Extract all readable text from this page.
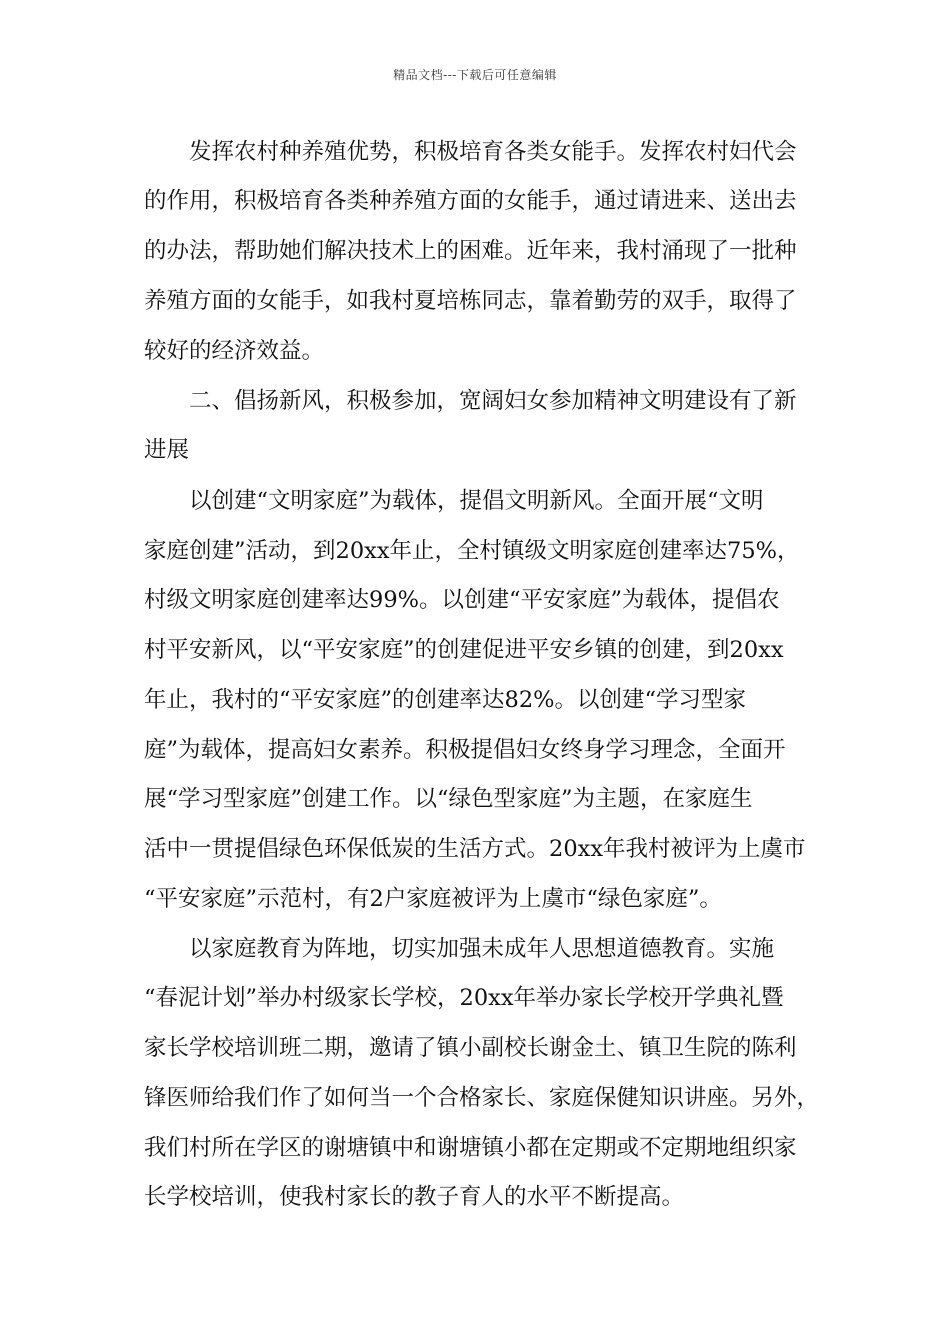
精品文档---下载后可任意编辑
　　发挥农村种养殖优势，积极培育各类女能手。发挥农村妇代会
的作用，积极培育各类种养殖方面的女能手，通过请进来、送出去
的办法，帮助她们解决技术上的困难。近年来，我村涌现了一批种
养殖方面的女能手，如我村夏培栋同志，靠着勤劳的双手，取得了
较好的经济效益。
　　二、倡扬新风，积极参加，宽阔妇女参加精神文明建设有了新
进展
　　以创建“文明家庭”为载体，提倡文明新风。全面开展“文明
家庭创建”活动，到20xx年止，全村镇级文明家庭创建率达75%，
村级文明家庭创建率达99%。以创建“平安家庭”为载体，提倡农
村平安新风，以“平安家庭”的创建促进平安乡镇的创建，到20xx
年止，我村的“平安家庭”的创建率达82%。以创建“学习型家
庭”为载体，提高妇女素养。积极提倡妇女终身学习理念，全面开
展“学习型家庭”创建工作。以“绿色型家庭”为主题，在家庭生
活中一贯提倡绿色环保低炭的生活方式。20xx年我村被评为上虞市
“平安家庭”示范村，有2户家庭被评为上虞市“绿色家庭”。
　　以家庭教育为阵地，切实加强未成年人思想道德教育。实施
“春泥计划”举办村级家长学校，20xx年举办家长学校开学典礼暨
家长学校培训班二期，邀请了镇小副校长谢金土、镇卫生院的陈利
锋医师给我们作了如何当一个合格家长、家庭保健知识讲座。另外，
我们村所在学区的谢塘镇中和谢塘镇小都在定期或不定期地组织家
长学校培训，使我村家长的教子育人的水平不断提高。
